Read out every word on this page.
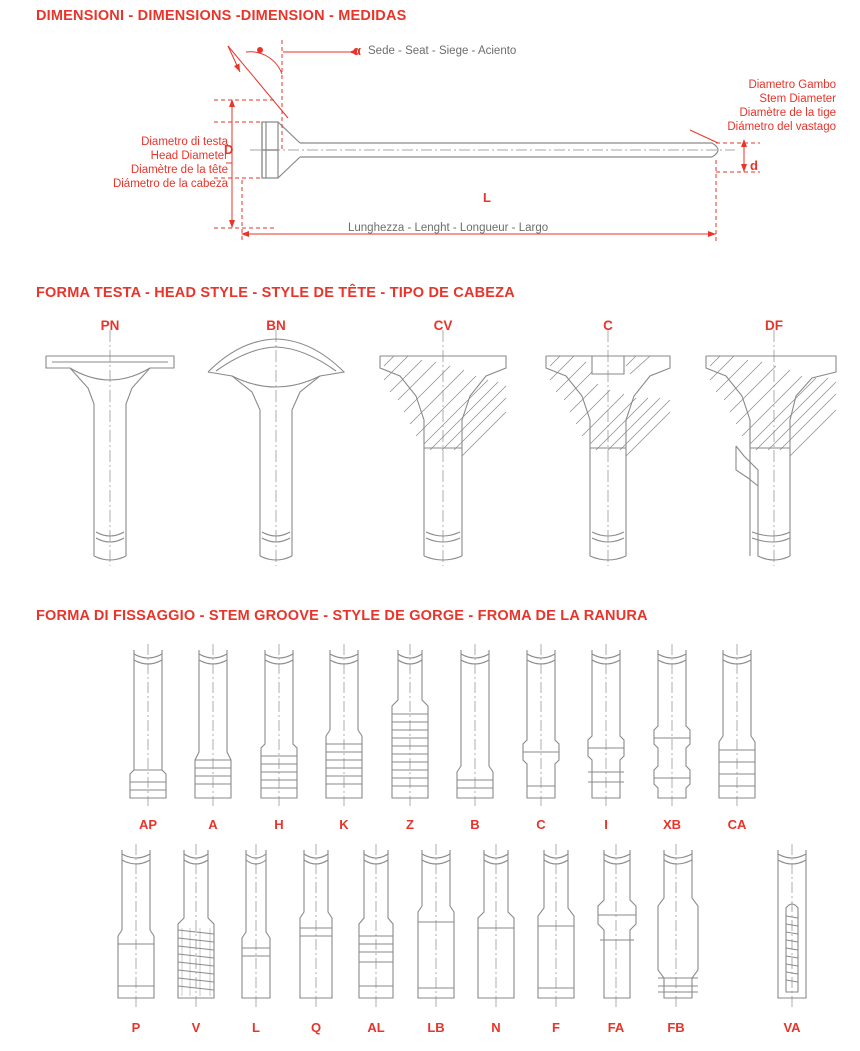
DIMENSIONI - DIMENSIONS -DIMENSION - MEDIDAS
FORMA TESTA - HEAD STYLE - STYLE DE TÊTE - TIPO DE CABEZA
FORMA DI FISSAGGIO - STEM GROOVE - STYLE DE GORGE - FROMA DE LA RANURA
Diametro di testa
Head Diameter
Diamètre de la tête
Diámetro de la cabeza
Diametro Gambo
Stem Diameter
Diamètre de la tige
Diámetro del vastago
α Sede - Seat - Siege - Aciento
D
d
L
Lunghezza - Lenght - Longueur - Largo
PN	BN	CV	C	DF
AP	A	H	K	Z	B	C	I	XB	CA
P	V	L	Q	AL	LB	N	F	FA	FB	VA
